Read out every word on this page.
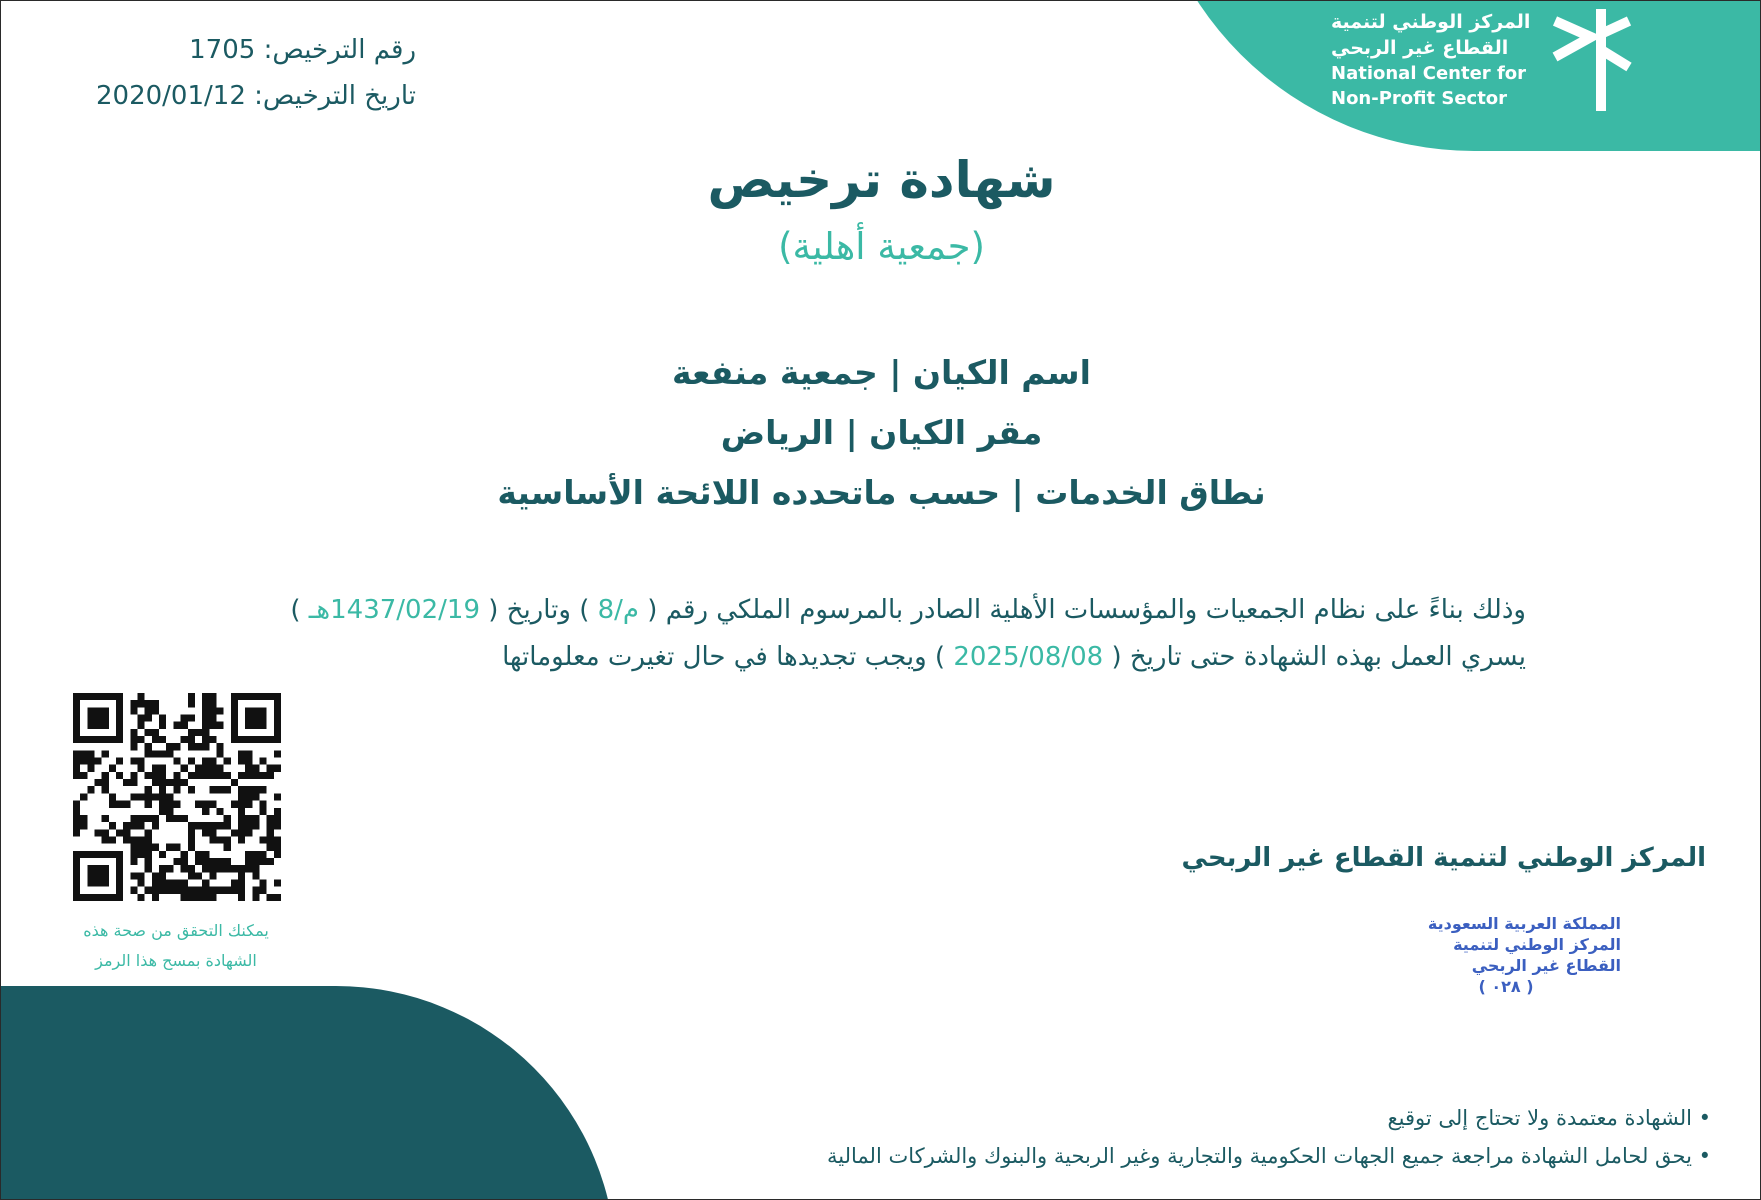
المركز الوطني لتنمية
القطاع غير الربحي
National Center for
Non-Profit Sector
رقم الترخيص: 1705
تاريخ الترخيص: 2020/01/12
شهادة ترخيص
(جمعية أهلية)
اسم الكيان | جمعية منفعة
مقر الكيان | الرياض
نطاق الخدمات | حسب ماتحدده اللائحة الأساسية
وذلك بناءً على نظام الجمعيات والمؤسسات الأهلية الصادر بالمرسوم الملكي رقم ( م/8 ) وتاريخ ( 1437/02/19هـ )
يسري العمل بهذه الشهادة حتى تاريخ ( 2025/08/08 ) ويجب تجديدها في حال تغيرت معلوماتها
يمكنك التحقق من صحة هذه
الشهادة بمسح هذا الرمز
المركز الوطني لتنمية القطاع غير الربحي
المملكة العربية السعودية
المركز الوطني لتنمية
القطاع غير الربحي
( ٠٢٨ )
• الشهادة معتمدة ولا تحتاج إلى توقيع
• يحق لحامل الشهادة مراجعة جميع الجهات الحكومية والتجارية وغير الربحية والبنوك والشركات المالية
